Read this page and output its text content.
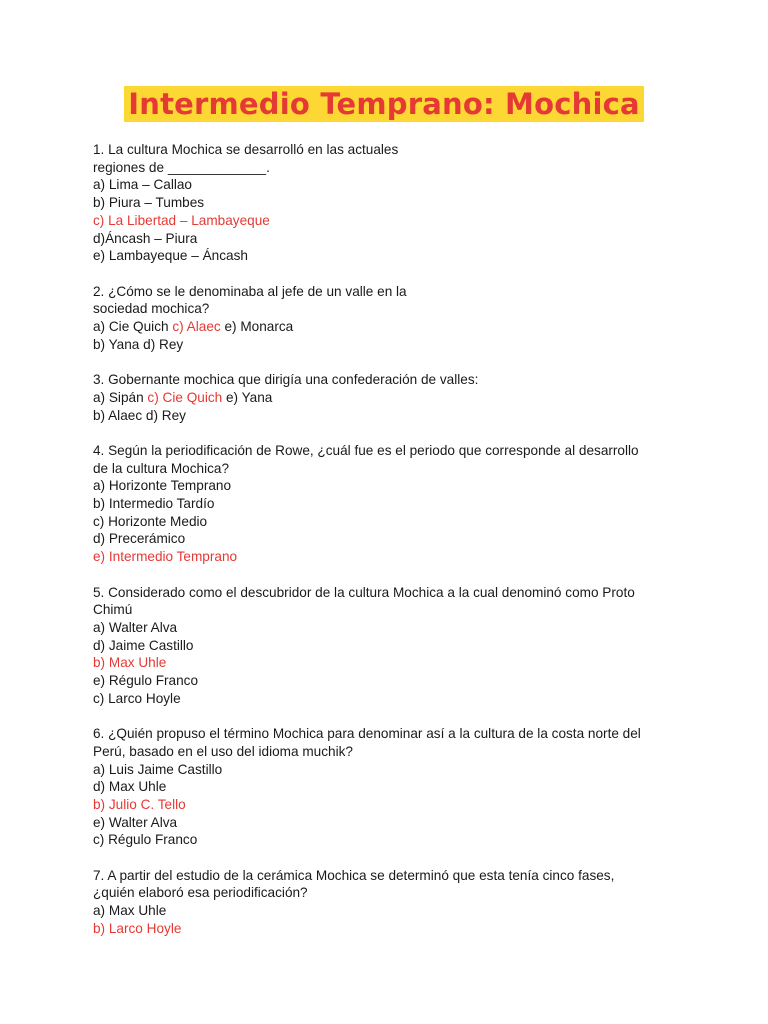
Intermedio Temprano: Mochica
1. La cultura Mochica se desarrolló en las actuales
regiones de _____________.
a) Lima – Callao
b) Piura – Tumbes
c) La Libertad – Lambayeque
d)Áncash – Piura
e) Lambayeque – Áncash
2. ¿Cómo se le denominaba al jefe de un valle en la
sociedad mochica?
a) Cie Quich c) Alaec e) Monarca
b) Yana d) Rey
3. Gobernante mochica que dirigía una confederación de valles:
a) Sipán c) Cie Quich e) Yana
b) Alaec d) Rey
4. Según la periodificación de Rowe, ¿cuál fue es el periodo que corresponde al desarrollo
de la cultura Mochica?
a) Horizonte Temprano
b) Intermedio Tardío
c) Horizonte Medio
d) Precerámico
e) Intermedio Temprano
5. Considerado como el descubridor de la cultura Mochica a la cual denominó como Proto
Chimú
a) Walter Alva
d) Jaime Castillo
b) Max Uhle
e) Régulo Franco
c) Larco Hoyle
6. ¿Quién propuso el término Mochica para denominar así a la cultura de la costa norte del
Perú, basado en el uso del idioma muchik?
a) Luis Jaime Castillo
d) Max Uhle
b) Julio C. Tello
e) Walter Alva
c) Régulo Franco
7. A partir del estudio de la cerámica Mochica se determinó que esta tenía cinco fases,
¿quién elaboró esa periodificación?
a) Max Uhle
b) Larco Hoyle
